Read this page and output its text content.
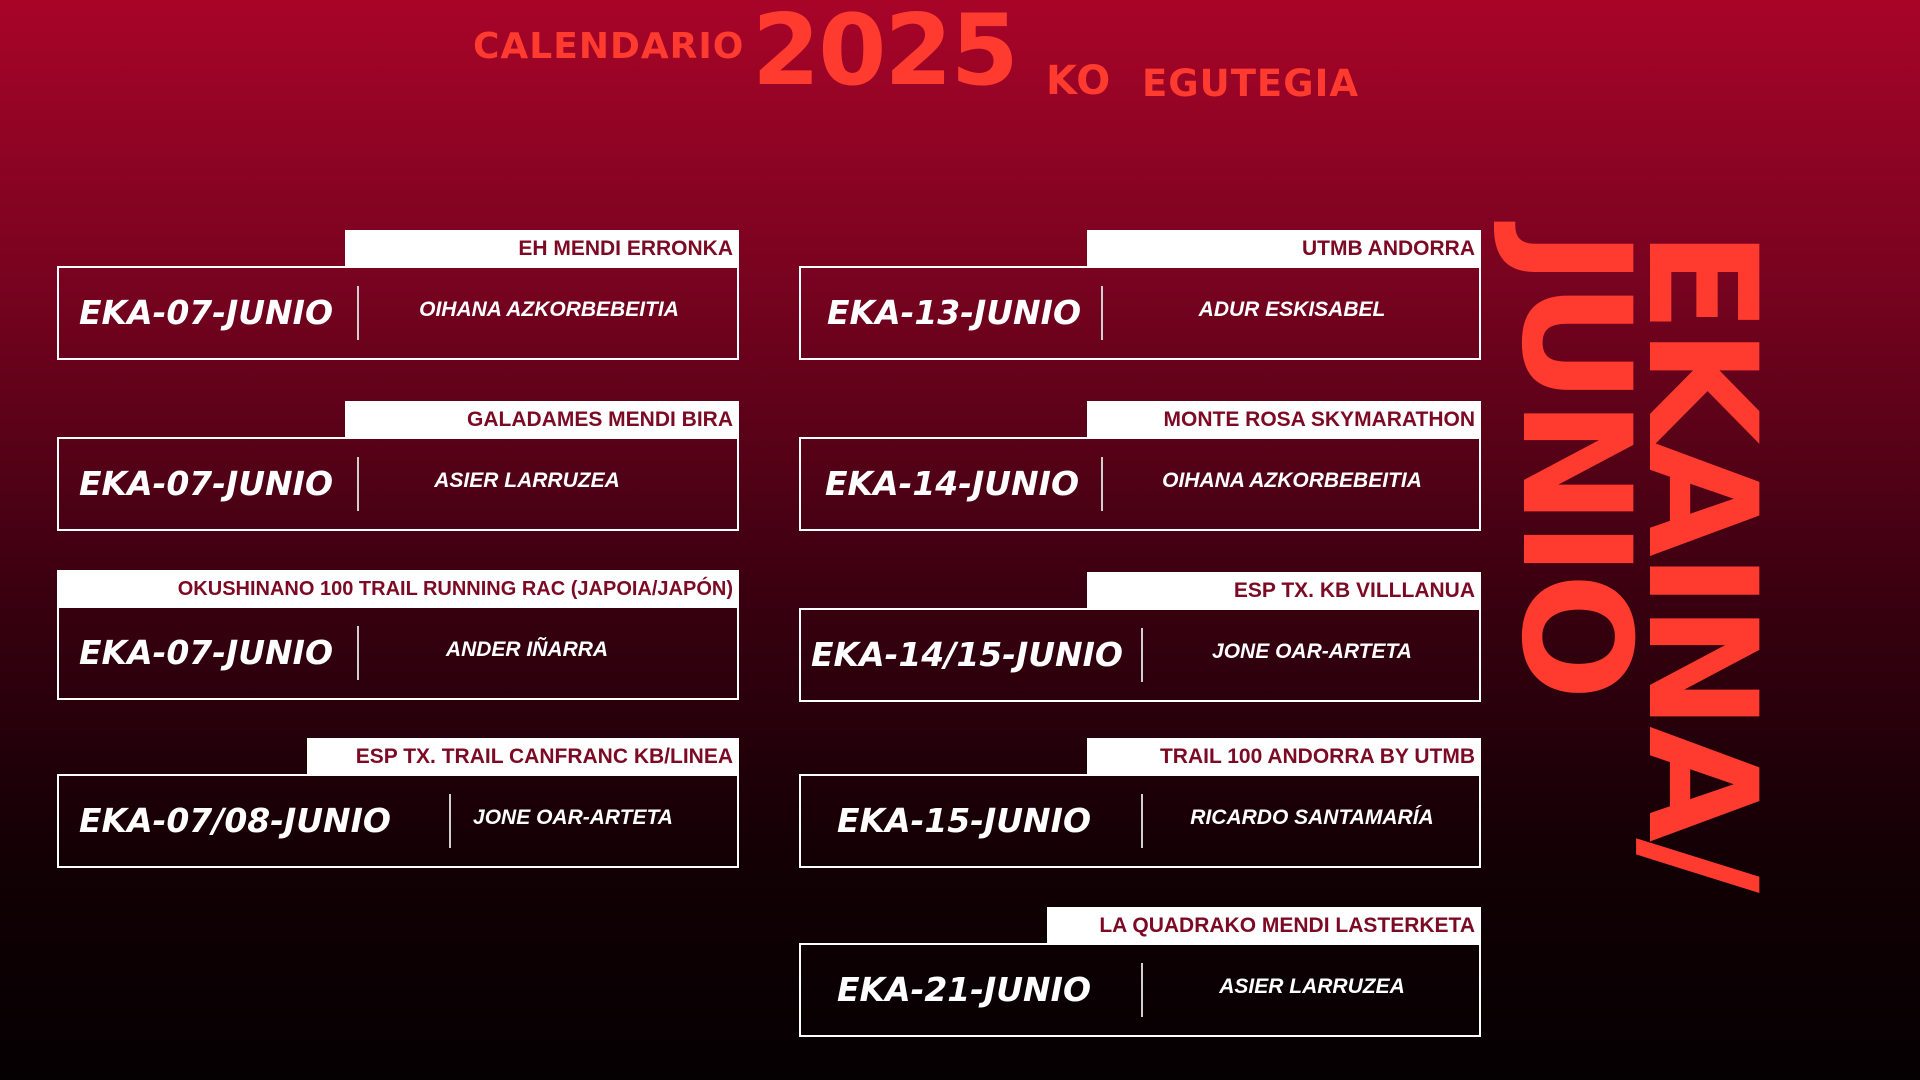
CALENDARIO 2025 KO EGUTEGIA
EH MENDI ERRONKA
EKA-07-JUNIO	OIHANA AZKORBEBEITIA
GALADAMES MENDI BIRA
EKA-07-JUNIO	ASIER LARRUZEA
OKUSHINANO 100 TRAIL RUNNING RAC (JAPOIA/JAPÓN)
EKA-07-JUNIO	ANDER IÑARRA
ESP TX. TRAIL CANFRANC KB/LINEA
EKA-07/08-JUNIO	JONE OAR-ARTETA
UTMB ANDORRA
EKA-13-JUNIO	ADUR ESKISABEL
MONTE ROSA SKYMARATHON
EKA-14-JUNIO	OIHANA AZKORBEBEITIA
ESP TX. KB VILLLANUA
EKA-14/15-JUNIO	JONE OAR-ARTETA
TRAIL 100 ANDORRA BY UTMB
EKA-15-JUNIO	RICARDO SANTAMARÍA
LA QUADRAKO MENDI LASTERKETA
EKA-21-JUNIO	ASIER LARRUZEA
EKAINA/
JUNIO
